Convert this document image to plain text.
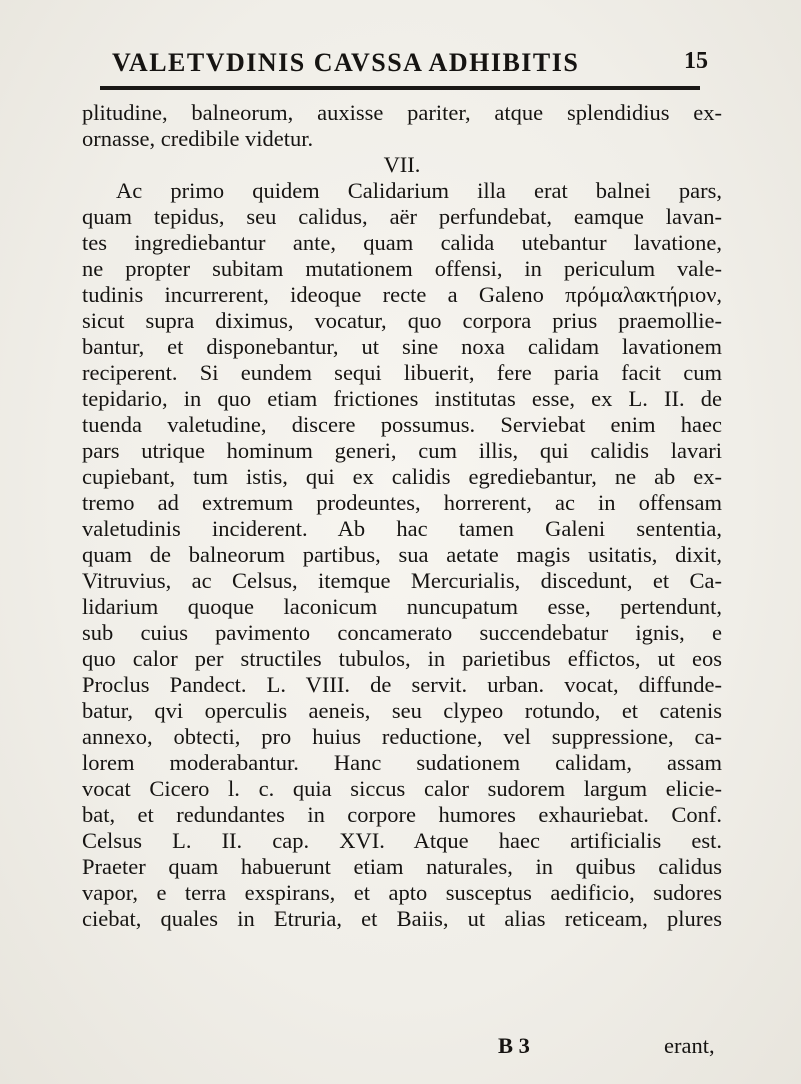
VALETVDINIS CAVSSA ADHIBITIS	15
plitudine, balneorum, auxisse pariter, atque splendidius ex-
ornasse, credibile videtur.
VII.
Ac primo quidem Calidarium illa erat balnei pars,
quam tepidus, seu calidus, aër perfundebat, eamque lavan-
tes ingrediebantur ante, quam calida utebantur lavatione,
ne propter subitam mutationem offensi, in periculum vale-
tudinis incurrerent, ideoque recte a Galeno πρόμαλακτήριον,
sicut supra diximus, vocatur, quo corpora prius praemollie-
bantur, et disponebantur, ut sine noxa calidam lavationem
reciperent. Si eundem sequi libuerit, fere paria facit cum
tepidario, in quo etiam frictiones institutas esse, ex L. II. de
tuenda valetudine, discere possumus. Serviebat enim haec
pars utrique hominum generi, cum illis, qui calidis lavari
cupiebant, tum istis, qui ex calidis egrediebantur, ne ab ex-
tremo ad extremum prodeuntes, horrerent, ac in offensam
valetudinis inciderent. Ab hac tamen Galeni sententia,
quam de balneorum partibus, sua aetate magis usitatis, dixit,
Vitruvius, ac Celsus, itemque Mercurialis, discedunt, et Ca-
lidarium quoque laconicum nuncupatum esse, pertendunt,
sub cuius pavimento concamerato succendebatur ignis, e
quo calor per structiles tubulos, in parietibus effictos, ut eos
Proclus Pandect. L. VIII. de servit. urban. vocat, diffunde-
batur, qvi operculis aeneis, seu clypeo rotundo, et catenis
annexo, obtecti, pro huius reductione, vel suppressione, ca-
lorem moderabantur. Hanc sudationem calidam, assam
vocat Cicero l. c. quia siccus calor sudorem largum elicie-
bat, et redundantes in corpore humores exhauriebat. Conf.
Celsus L. II. cap. XVI. Atque haec artificialis est.
Praeter quam habuerunt etiam naturales, in quibus calidus
vapor, e terra exspirans, et apto susceptus aedificio, sudores
ciebat, quales in Etruria, et Baiis, ut alias reticeam, plures
B 3	erant,
